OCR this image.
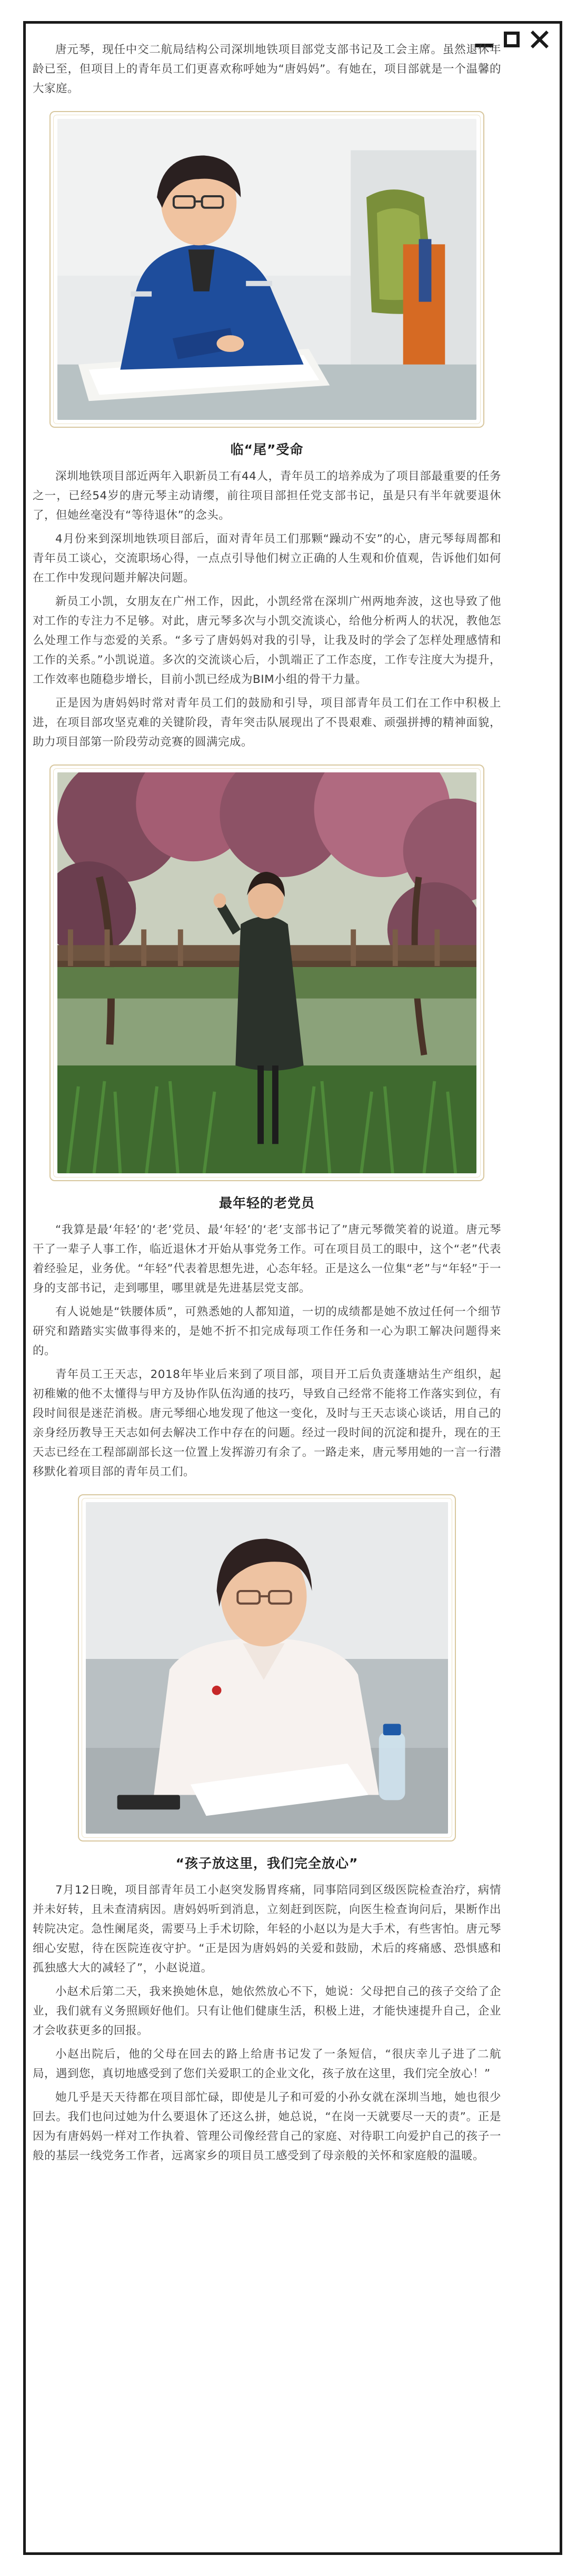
唐元琴，现任中交二航局结构公司深圳地铁项目部党支部书记及工会主席。虽然退休年龄已至，但项目上的青年员工们更喜欢称呼她为“唐妈妈”。有她在，项目部就是一个温馨的大家庭。

临“尾”受命

深圳地铁项目部近两年入职新员工有44人，青年员工的培养成为了项目部最重要的任务之一，已经54岁的唐元琴主动请缨，前往项目部担任党支部书记，虽是只有半年就要退休了，但她丝毫没有“等待退休”的念头。

4月份来到深圳地铁项目部后，面对青年员工们那颗“躁动不安”的心，唐元琴每周都和青年员工谈心，交流职场心得，一点点引导他们树立正确的人生观和价值观，告诉他们如何在工作中发现问题并解决问题。

新员工小凯，女朋友在广州工作，因此，小凯经常在深圳广州两地奔波，这也导致了他对工作的专注力不足够。对此，唐元琴多次与小凯交流谈心，给他分析两人的状况，教他怎么处理工作与恋爱的关系。“多亏了唐妈妈对我的引导，让我及时的学会了怎样处理感情和工作的关系。”小凯说道。多次的交流谈心后，小凯端正了工作态度，工作专注度大为提升，工作效率也随稳步增长，目前小凯已经成为BIM小组的骨干力量。

正是因为唐妈妈时常对青年员工们的鼓励和引导，项目部青年员工们在工作中积极上进，在项目部攻坚克难的关键阶段，青年突击队展现出了不畏艰难、顽强拼搏的精神面貌，助力项目部第一阶段劳动竞赛的圆满完成。

最年轻的老党员

“我算是最‘年轻’的‘老’党员、最‘年轻’的‘老’支部书记了”唐元琴微笑着的说道。唐元琴干了一辈子人事工作，临近退休才开始从事党务工作。可在项目员工的眼中，这个“老”代表着经验足，业务优。“年轻”代表着思想先进，心态年轻。正是这么一位集“老”与“年轻”于一身的支部书记，走到哪里，哪里就是先进基层党支部。

有人说她是“铁腰体质”，可熟悉她的人都知道，一切的成绩都是她不放过任何一个细节研究和踏踏实实做事得来的，是她不折不扣完成每项工作任务和一心为职工解决问题得来的。

青年员工王天志，2018年毕业后来到了项目部，项目开工后负责蓬塘站生产组织，起初稚嫩的他不太懂得与甲方及协作队伍沟通的技巧，导致自己经常不能将工作落实到位，有段时间很是迷茫消极。唐元琴细心地发现了他这一变化，及时与王天志谈心谈话，用自己的亲身经历教导王天志如何去解决工作中存在的问题。经过一段时间的沉淀和提升，现在的王天志已经在工程部副部长这一位置上发挥游刃有余了。一路走来，唐元琴用她的一言一行潜移默化着项目部的青年员工们。

“孩子放这里，我们完全放心”

7月12日晚，项目部青年员工小赵突发肠胃疼痛，同事陪同到区级医院检查治疗，病情并未好转，且未查清病因。唐妈妈听到消息，立刻赶到医院，向医生检查询问后，果断作出转院决定。急性阑尾炎，需要马上手术切除，年轻的小赵以为是大手术，有些害怕。唐元琴细心安慰，待在医院连夜守护。“正是因为唐妈妈的关爱和鼓励，术后的疼痛感、恐惧感和孤独感大大的减轻了”，小赵说道。

小赵术后第二天，我来换她休息，她依然放心不下，她说：父母把自己的孩子交给了企业，我们就有义务照顾好他们。只有让他们健康生活，积极上进，才能快速提升自己，企业才会收获更多的回报。

小赵出院后，他的父母在回去的路上给唐书记发了一条短信，“很庆幸儿子进了二航局，遇到您，真切地感受到了您们关爱职工的企业文化，孩子放在这里，我们完全放心！”

她几乎是天天待都在项目部忙碌，即使是儿子和可爱的小孙女就在深圳当地，她也很少回去。我们也问过她为什么要退休了还这么拼，她总说，“在岗一天就要尽一天的责”。正是因为有唐妈妈一样对工作执着、管理公司像经营自己的家庭、对待职工向爱护自己的孩子一般的基层一线党务工作者，远离家乡的项目员工感受到了母亲般的关怀和家庭般的温暖。
